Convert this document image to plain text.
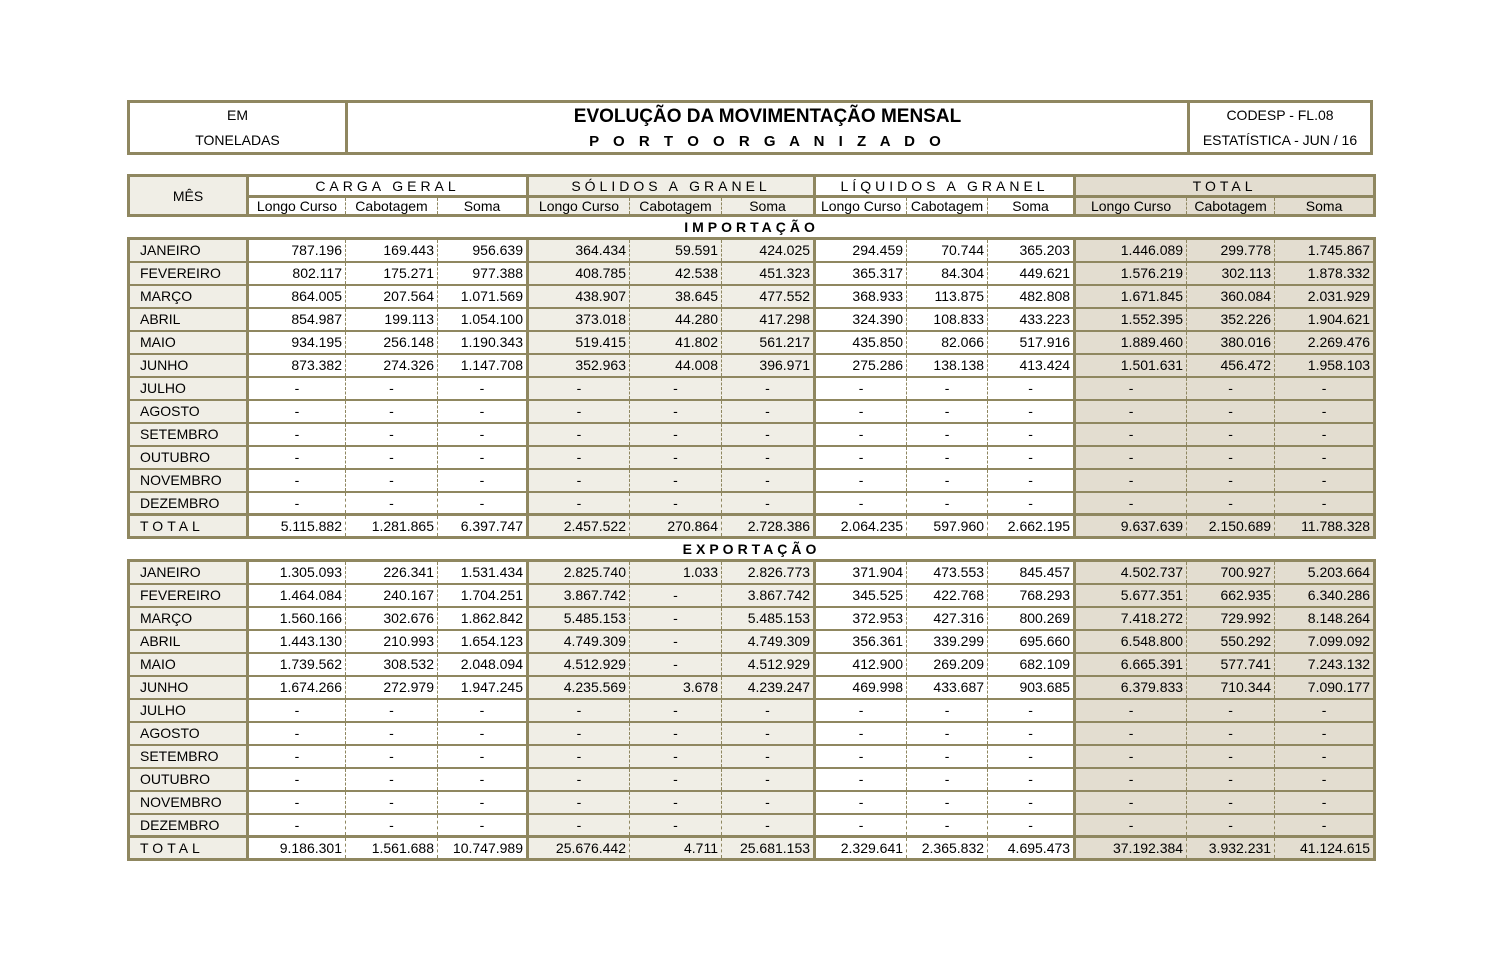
EM
TONELADAS
EVOLUÇÃO DA MOVIMENTAÇÃO MENSAL
P O R T O O R G A N I Z A D O
CODESP - FL.08
ESTATÍSTICA - JUN / 16
MÊS	CARGA GERAL			SÓLIDOS A GRANEL			LÍQUIDOS A GRANEL			TOTAL		
	Longo Curso	Cabotagem	Soma	Longo Curso	Cabotagem	Soma	Longo Curso	Cabotagem	Soma	Longo Curso	Cabotagem	Soma
IMPORTAÇÃO												
JANEIRO	787.196	169.443	956.639	364.434	59.591	424.025	294.459	70.744	365.203	1.446.089	299.778	1.745.867
FEVEREIRO	802.117	175.271	977.388	408.785	42.538	451.323	365.317	84.304	449.621	1.576.219	302.113	1.878.332
MARÇO	864.005	207.564	1.071.569	438.907	38.645	477.552	368.933	113.875	482.808	1.671.845	360.084	2.031.929
ABRIL	854.987	199.113	1.054.100	373.018	44.280	417.298	324.390	108.833	433.223	1.552.395	352.226	1.904.621
MAIO	934.195	256.148	1.190.343	519.415	41.802	561.217	435.850	82.066	517.916	1.889.460	380.016	2.269.476
JUNHO	873.382	274.326	1.147.708	352.963	44.008	396.971	275.286	138.138	413.424	1.501.631	456.472	1.958.103
JULHO	-	-	-	-	-	-	-	-	-	-	-	-
AGOSTO	-	-	-	-	-	-	-	-	-	-	-	-
SETEMBRO	-	-	-	-	-	-	-	-	-	-	-	-
OUTUBRO	-	-	-	-	-	-	-	-	-	-	-	-
NOVEMBRO	-	-	-	-	-	-	-	-	-	-	-	-
DEZEMBRO	-	-	-	-	-	-	-	-	-	-	-	-
TOTAL	5.115.882	1.281.865	6.397.747	2.457.522	270.864	2.728.386	2.064.235	597.960	2.662.195	9.637.639	2.150.689	11.788.328
EXPORTAÇÃO												
JANEIRO	1.305.093	226.341	1.531.434	2.825.740	1.033	2.826.773	371.904	473.553	845.457	4.502.737	700.927	5.203.664
FEVEREIRO	1.464.084	240.167	1.704.251	3.867.742	-	3.867.742	345.525	422.768	768.293	5.677.351	662.935	6.340.286
MARÇO	1.560.166	302.676	1.862.842	5.485.153	-	5.485.153	372.953	427.316	800.269	7.418.272	729.992	8.148.264
ABRIL	1.443.130	210.993	1.654.123	4.749.309	-	4.749.309	356.361	339.299	695.660	6.548.800	550.292	7.099.092
MAIO	1.739.562	308.532	2.048.094	4.512.929	-	4.512.929	412.900	269.209	682.109	6.665.391	577.741	7.243.132
JUNHO	1.674.266	272.979	1.947.245	4.235.569	3.678	4.239.247	469.998	433.687	903.685	6.379.833	710.344	7.090.177
JULHO	-	-	-	-	-	-	-	-	-	-	-	-
AGOSTO	-	-	-	-	-	-	-	-	-	-	-	-
SETEMBRO	-	-	-	-	-	-	-	-	-	-	-	-
OUTUBRO	-	-	-	-	-	-	-	-	-	-	-	-
NOVEMBRO	-	-	-	-	-	-	-	-	-	-	-	-
DEZEMBRO	-	-	-	-	-	-	-	-	-	-	-	-
TOTAL	9.186.301	1.561.688	10.747.989	25.676.442	4.711	25.681.153	2.329.641	2.365.832	4.695.473	37.192.384	3.932.231	41.124.615
